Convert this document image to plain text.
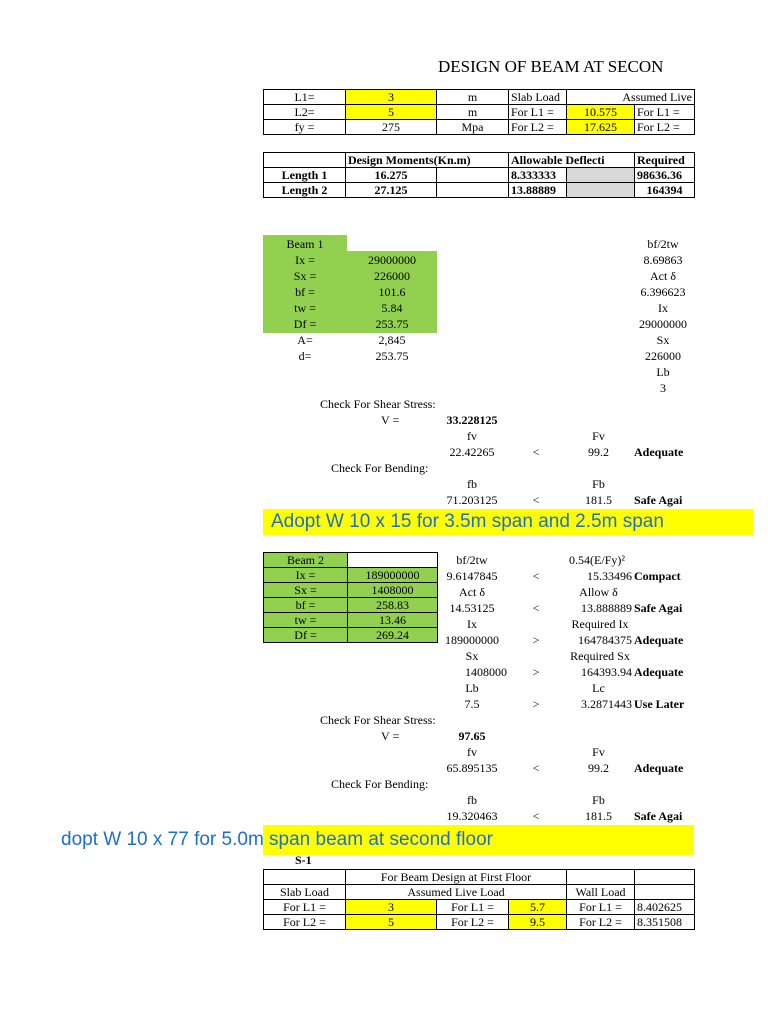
DESIGN OF BEAM AT SECON
L1=	3	m	Slab Load	Assumed Live	
L2=	5	m	For L1 =	10.575	For L1 =
fy =	275	Mpa	For L2 =	17.625	For L2 =
	Design Moments(Kn.m)		Allowable Deflecti		Required
Length 1	16.275		8.333333		98636.36
Length 2	27.125		13.88889		164394
Beam 1
Ix =	29000000
Sx =	226000
bf =	101.6
tw =	5.84
Df =	253.75
A=	2,845
d=	253.75
bf/2tw
8.69863
Act δ
6.396623
Ix
29000000
Sx
226000
Lb
3
Check For Shear Stress:
V =	33.228125
fv	Fv
22.42265	<	99.2	Adequate
Check For Bending:
fb	Fb
71.203125	<	181.5	Safe Agai
Adopt W 10 x 15 for 3.5m span and 2.5m span
Beam 2	
Ix =	189000000
Sx =	1408000
bf =	258.83
tw =	13.46
Df =	269.24
bf/2tw	0.54(E/Fy)²
9.6147845	<	15.33496 Compact
Act δ	Allow δ
14.53125	<	13.888889 Safe Agai
Ix	Required Ix
189000000	>	164784375 Adequate
Sx	Required Sx
1408000	>	164393.94 Adequate
Lb	Lc
7.5	>	3.2871443 Use Later
Check For Shear Stress:
V =	97.65
fv	Fv
65.895135	<	99.2	Adequate
Check For Bending:
fb	Fb
19.320463	<	181.5	Safe Agai
dopt W 10 x 77 for 5.0m span beam at second floor
S-1
	For Beam Design at First Floor				
Slab Load	Assumed Live Load			Wall Load	
For L1 =	3	For L1 =	5.7	For L1 =	8.402625
For L2 =	5	For L2 =	9.5	For L2 =	8.351508
